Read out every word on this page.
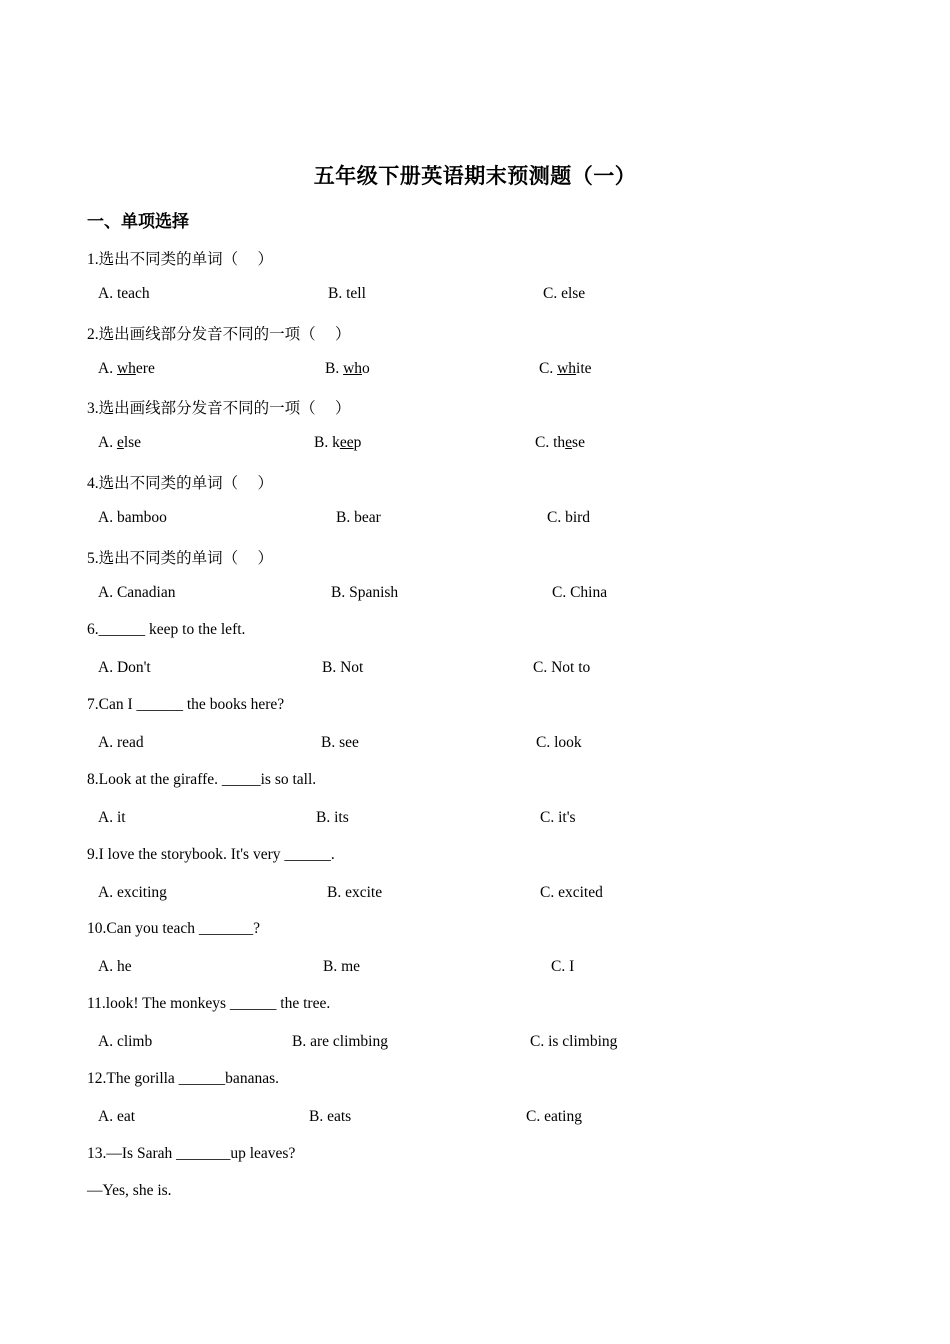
五年级下册英语期末预测题（一）
一、单项选择
1.选出不同类的单词（     ）
A. teach	B. tell	C. else
2.选出画线部分发音不同的一项（     ）
A. where	B. who	C. white
3.选出画线部分发音不同的一项（     ）
A. else	B. keep	C. these
4.选出不同类的单词（     ）
A. bamboo	B. bear	C. bird
5.选出不同类的单词（     ）
A. Canadian	B. Spanish	C. China
6.______ keep to the left.
A. Don't	B. Not	C. Not to
7.Can I ______ the books here?
A. read	B. see	C. look
8.Look at the giraffe. _____is so tall.
A. it	B. its	C. it's
9.I love the storybook. It's very ______.
A. exciting	B. excite	C. excited
10.Can you teach _______?
A. he	B. me	C. I
11.look! The monkeys ______ the tree.
A. climb	B. are climbing	C. is climbing
12.The gorilla ______bananas.
A. eat	B. eats	C. eating
13.—Is Sarah _______up leaves?
—Yes, she is.
